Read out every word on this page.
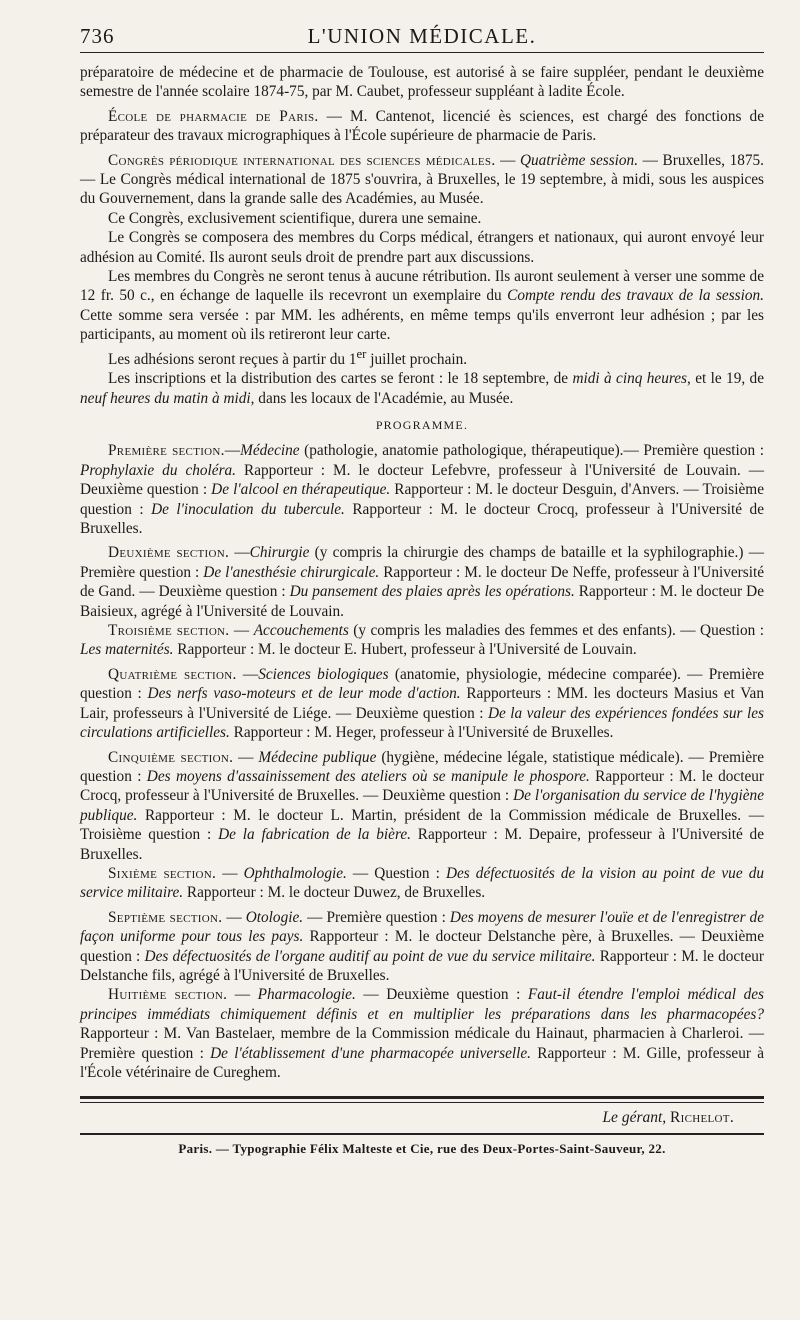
736	L'UNION MÉDICALE.

préparatoire de médecine et de pharmacie de Toulouse, est autorisé à se faire suppléer, pendant le deuxième semestre de l'année scolaire 1874-75, par M. Caubet, professeur suppléant à ladite École.

École de pharmacie de Paris. — M. Cantenot, licencié ès sciences, est chargé des fonctions de préparateur des travaux micrographiques à l'École supérieure de pharmacie de Paris.

Congrès périodique international des sciences médicales. — Quatrième session. — Bruxelles, 1875. — Le Congrès médical international de 1875 s'ouvrira, à Bruxelles, le 19 septembre, à midi, sous les auspices du Gouvernement, dans la grande salle des Académies, au Musée.

Ce Congrès, exclusivement scientifique, durera une semaine.

Le Congrès se composera des membres du Corps médical, étrangers et nationaux, qui auront envoyé leur adhésion au Comité. Ils auront seuls droit de prendre part aux discussions.

Les membres du Congrès ne seront tenus à aucune rétribution. Ils auront seulement à verser une somme de 12 fr. 50 c., en échange de laquelle ils recevront un exemplaire du Compte rendu des travaux de la session. Cette somme sera versée : par MM. les adhérents, en même temps qu'ils enverront leur adhésion ; par les participants, au moment où ils retireront leur carte.

Les adhésions seront reçues à partir du 1er juillet prochain.

Les inscriptions et la distribution des cartes se feront : le 18 septembre, de midi à cinq heures, et le 19, de neuf heures du matin à midi, dans les locaux de l'Académie, au Musée.

PROGRAMME.

Première section.—Médecine (pathologie, anatomie pathologique, thérapeutique).— Première question : Prophylaxie du choléra. Rapporteur : M. le docteur Lefebvre, professeur à l'Université de Louvain. — Deuxième question : De l'alcool en thérapeutique. Rapporteur : M. le docteur Desguin, d'Anvers. — Troisième question : De l'inoculation du tubercule. Rapporteur : M. le docteur Crocq, professeur à l'Université de Bruxelles.

Deuxième section. —Chirurgie (y compris la chirurgie des champs de bataille et la syphilographie.) — Première question : De l'anesthésie chirurgicale. Rapporteur : M. le docteur De Neffe, professeur à l'Université de Gand. — Deuxième question : Du pansement des plaies après les opérations. Rapporteur : M. le docteur De Baisieux, agrégé à l'Université de Louvain.

Troisième section. — Accouchements (y compris les maladies des femmes et des enfants). — Question : Les maternités. Rapporteur : M. le docteur E. Hubert, professeur à l'Université de Louvain.

Quatrième section. —Sciences biologiques (anatomie, physiologie, médecine comparée). — Première question : Des nerfs vaso-moteurs et de leur mode d'action. Rapporteurs : MM. les docteurs Masius et Van Lair, professeurs à l'Université de Liége. — Deuxième question : De la valeur des expériences fondées sur les circulations artificielles. Rapporteur : M. Heger, professeur à l'Université de Bruxelles.

Cinquième section. — Médecine publique (hygiène, médecine légale, statistique médicale). — Première question : Des moyens d'assainissement des ateliers où se manipule le phospore. Rapporteur : M. le docteur Crocq, professeur à l'Université de Bruxelles. — Deuxième question : De l'organisation du service de l'hygiène publique. Rapporteur : M. le docteur L. Martin, président de la Commission médicale de Bruxelles. — Troisième question : De la fabrication de la bière. Rapporteur : M. Depaire, professeur à l'Université de Bruxelles.

Sixième section. — Ophthalmologie. — Question : Des défectuosités de la vision au point de vue du service militaire. Rapporteur : M. le docteur Duwez, de Bruxelles.

Septième section. — Otologie. — Première question : Des moyens de mesurer l'ouïe et de l'enregistrer de façon uniforme pour tous les pays. Rapporteur : M. le docteur Delstanche père, à Bruxelles. — Deuxième question : Des défectuosités de l'organe auditif au point de vue du service militaire. Rapporteur : M. le docteur Delstanche fils, agrégé à l'Université de Bruxelles.

Huitième section. — Pharmacologie. — Deuxième question : Faut-il étendre l'emploi médical des principes immédiats chimiquement définis et en multiplier les préparations dans les pharmacopées? Rapporteur : M. Van Bastelaer, membre de la Commission médicale du Hainaut, pharmacien à Charleroi. — Première question : De l'établissement d'une pharmacopée universelle. Rapporteur : M. Gille, professeur à l'École vétérinaire de Cureghem.

Le gérant, Richelot.
Paris. — Typographie Félix Malteste et Cie, rue des Deux-Portes-Saint-Sauveur, 22.
